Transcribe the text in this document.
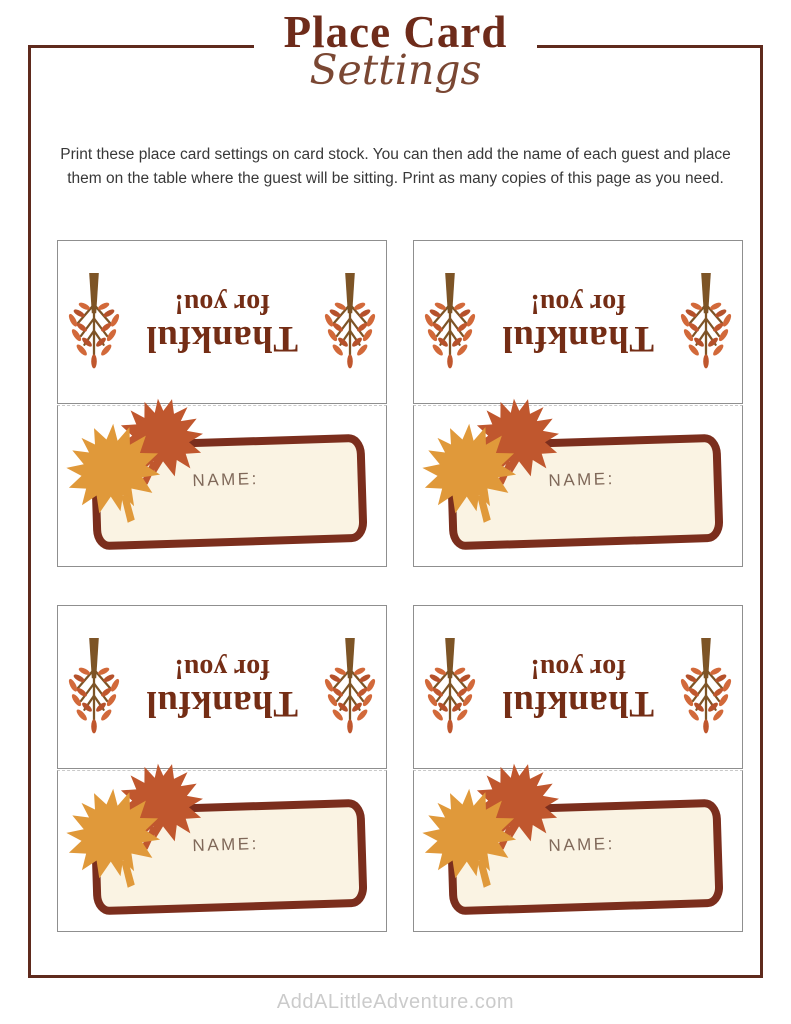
Place Card
Settings

Print these place card settings on card stock. You can then add the name of each guest and place them on the table where the guest will be sitting. Print as many copies of this page as you need.

Thankful
for you!
NAME:
Thankful
for you!
NAME:
Thankful
for you!
NAME:
Thankful
for you!
NAME:
AddALittleAdventure.com
